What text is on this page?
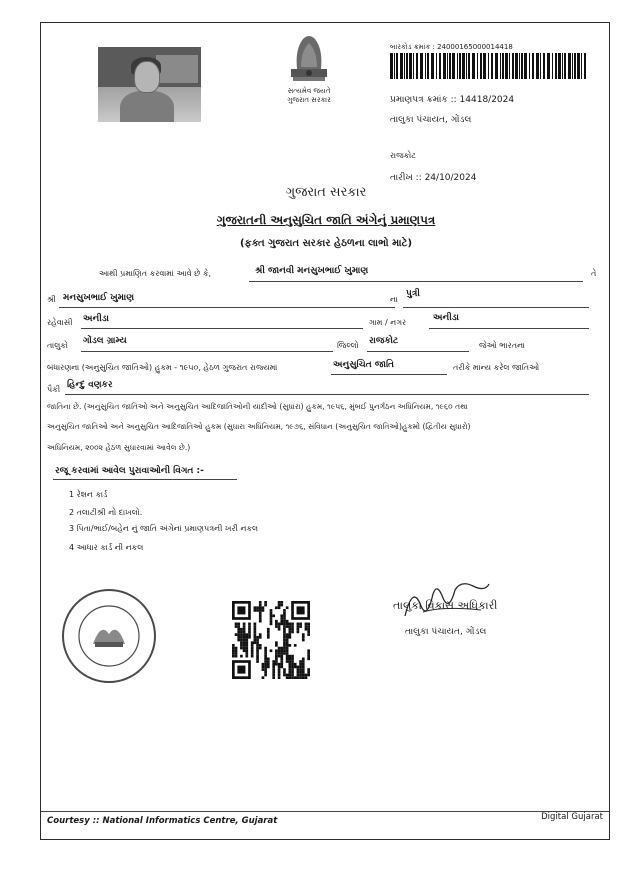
સત્યમેવ જયતે
ગુજરાત સરકાર
બારકોડ ક્રમાંક : 24000165000014418
પ્રમાણપત્ર ક્રમાંક :: 14418/2024
તાલુકા પંચાયત, ગોંડલ
રાજકોટ
તારીખ :: 24/10/2024
ગુજરાત સરકાર
ગુજરાતની અનુસુચિત જાતિ અંગેનું પ્રમાણપત્ર
(ફક્ત ગુજરાત સરકાર હેઠળના લાભો માટે)
આથી પ્રમાણિત કરવામાં આવે છે કે,	શ્રી જાનવી મનસુખભાઈ ખુમાણ	તે
શ્રી મનસુખભાઈ ખુમાણ	ના
પુત્રી
રહેવાસી અનીડા	ગામ / નગર	અનીડા
તાલુકો ગોંડલ ગ્રામ્ય	જિલ્લો રાજકોટ	જેઓ ભારતના
બંધારણના (અનુસુચિત જાતિઓ) હુકમ - ૧૯૫૦, હેઠળ ગુજરાત રાજ્યમાં	અનુસુચિત જાતિ	તરીકે માન્ય કરેલ જાતિઓ
પૈકી હિન્દુ વણકર
જાતિના છે. (અનુસુચિત જાતિઓ અને અનુસુચિત આદિજાતિઓની યાદીઓ (સુધારા) હુકમ, ૧૯૫૬, મુંબઈ પુનર્ગઠન અધિનિયમ, ૧૯૬૦ તથા
અનુસુચિત જાતિઓ અને અનુસુચિત આદિજાતિઓ હુકમ (સુધારા અધિનિયમ, ૧૯૭૬, સંવિધાન (અનુસુચિત જાતિઓ)હુકમો (દ્વિતીય સુધારો)
અધિનિયમ, ૨૦૦૨ હેઠળ સુધારવામાં આવેલ છે.)
રજૂ કરવામાં આવેલ પુરાવાઓની વિગત :-
1 રેશન કાર્ડ
2 તલાટીશ્રી નો દાખલો.
3 પિતા/ભાઈ/બહેન નું જાતિ અંગેનાં પ્રમાણપત્રની ખરી નકલ
4 આધાર કાર્ડ ની નકલ
તાલુકા વિકાસ અધિકારી
તાલુકા પંચાયત, ગોંડલ
Courtesy :: National Informatics Centre, Gujarat	Digital Gujarat
